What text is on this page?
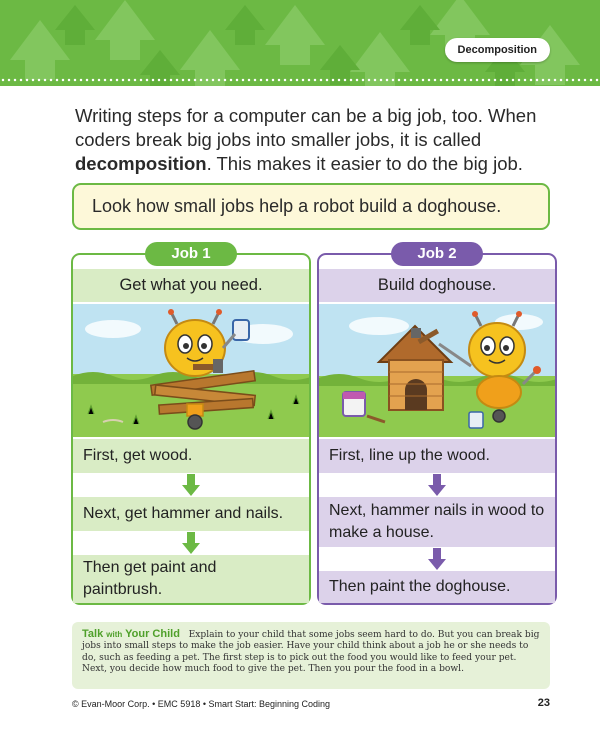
Decomposition

Writing steps for a computer can be a big job, too. When coders break big jobs into smaller jobs, it is called decomposition. This makes it easier to do the big job.

Look how small jobs help a robot build a doghouse.
Job 1
Get what you need.
First, get wood.
Next, get hammer and nails.
Then get paint and paintbrush.
Job 2
Build doghouse.
First, line up the wood.
Next, hammer nails in wood to make a house.
Then paint the doghouse.
Talk with Your Child Explain to your child that some jobs seem hard to do. But you can break big jobs into small steps to make the job easier. Have your child think about a job he or she needs to do, such as feeding a pet. The first step is to pick out the food you would like to feed your pet. Next, you decide how much food to give the pet. Then you pour the food in a bowl.
© Evan-Moor Corp. • EMC 5918 • Smart Start: Beginning Coding	23
